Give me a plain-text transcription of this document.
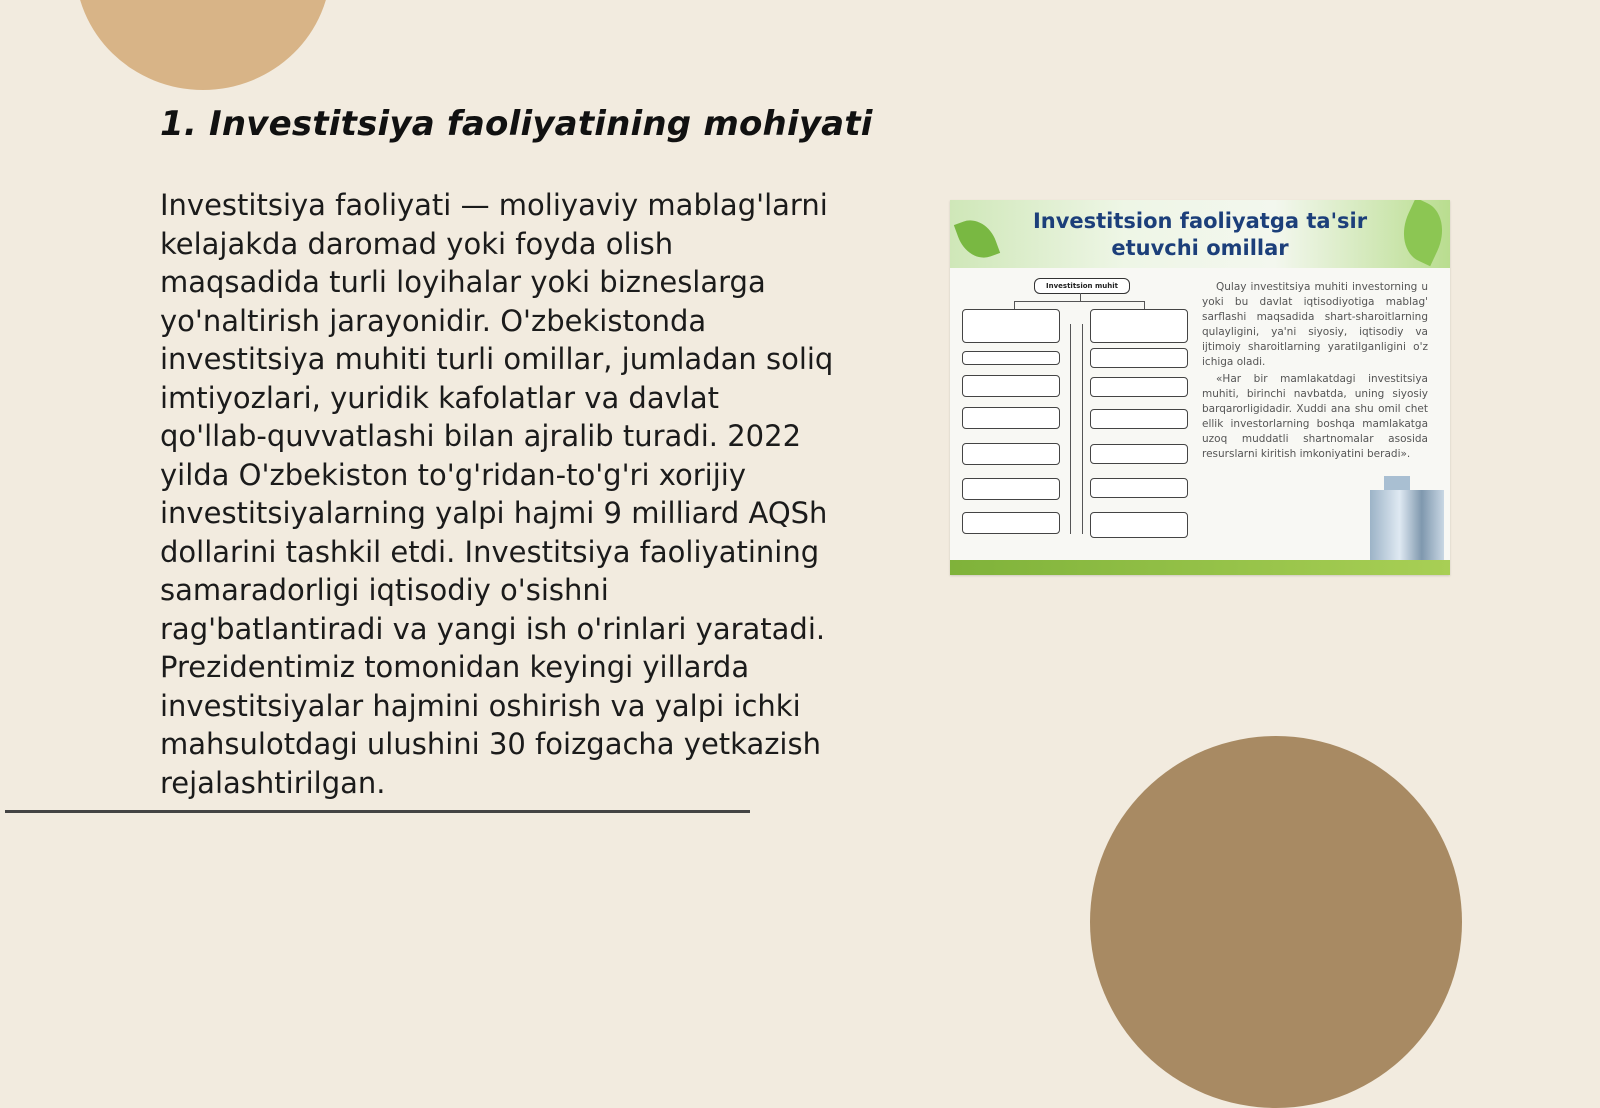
1. Investitsiya faoliyatining mohiyati
Investitsiya faoliyati — moliyaviy mablag'larni kelajakda daromad yoki foyda olish maqsadida turli loyihalar yoki bizneslarga yo'naltirish jarayonidir. O'zbekistonda investitsiya muhiti turli omillar, jumladan soliq imtiyozlari, yuridik kafolatlar va davlat qo'llab-quvvatlashi bilan ajralib turadi. 2022 yilda O'zbekiston to'g'ridan-to'g'ri xorijiy investitsiyalarning yalpi hajmi 9 milliard AQSh dollarini tashkil etdi. Investitsiya faoliyatining samaradorligi iqtisodiy o'sishni rag'batlantiradi va yangi ish o'rinlari yaratadi. Prezidentimiz tomonidan keyingi yillarda investitsiyalar hajmini oshirish va yalpi ichki mahsulotdagi ulushini 30 foizgacha yetkazish rejalashtirilgan.
Investitsion faoliyatga ta'sir etuvchi omillar
Investitsion muhit	Qulay investitsiya muhiti investorning u yoki bu davlat iqtisodiyotiga mablag' sarflashi maqsadida shart-sharoitlarning qulayligini, ya'ni siyosiy, iqtisodiy va ijtimoiy sharoitlarning yaratilganligini o'z ichiga oladi.

«Har bir mamlakatdagi investitsiya muhiti, birinchi navbatda, uning siyosiy barqarorligidadir. Xuddi ana shu omil chet ellik investorlarning boshqa mamlakatga uzoq muddatli shartnomalar asosida resurslarni kiritish imkoniyatini beradi».
